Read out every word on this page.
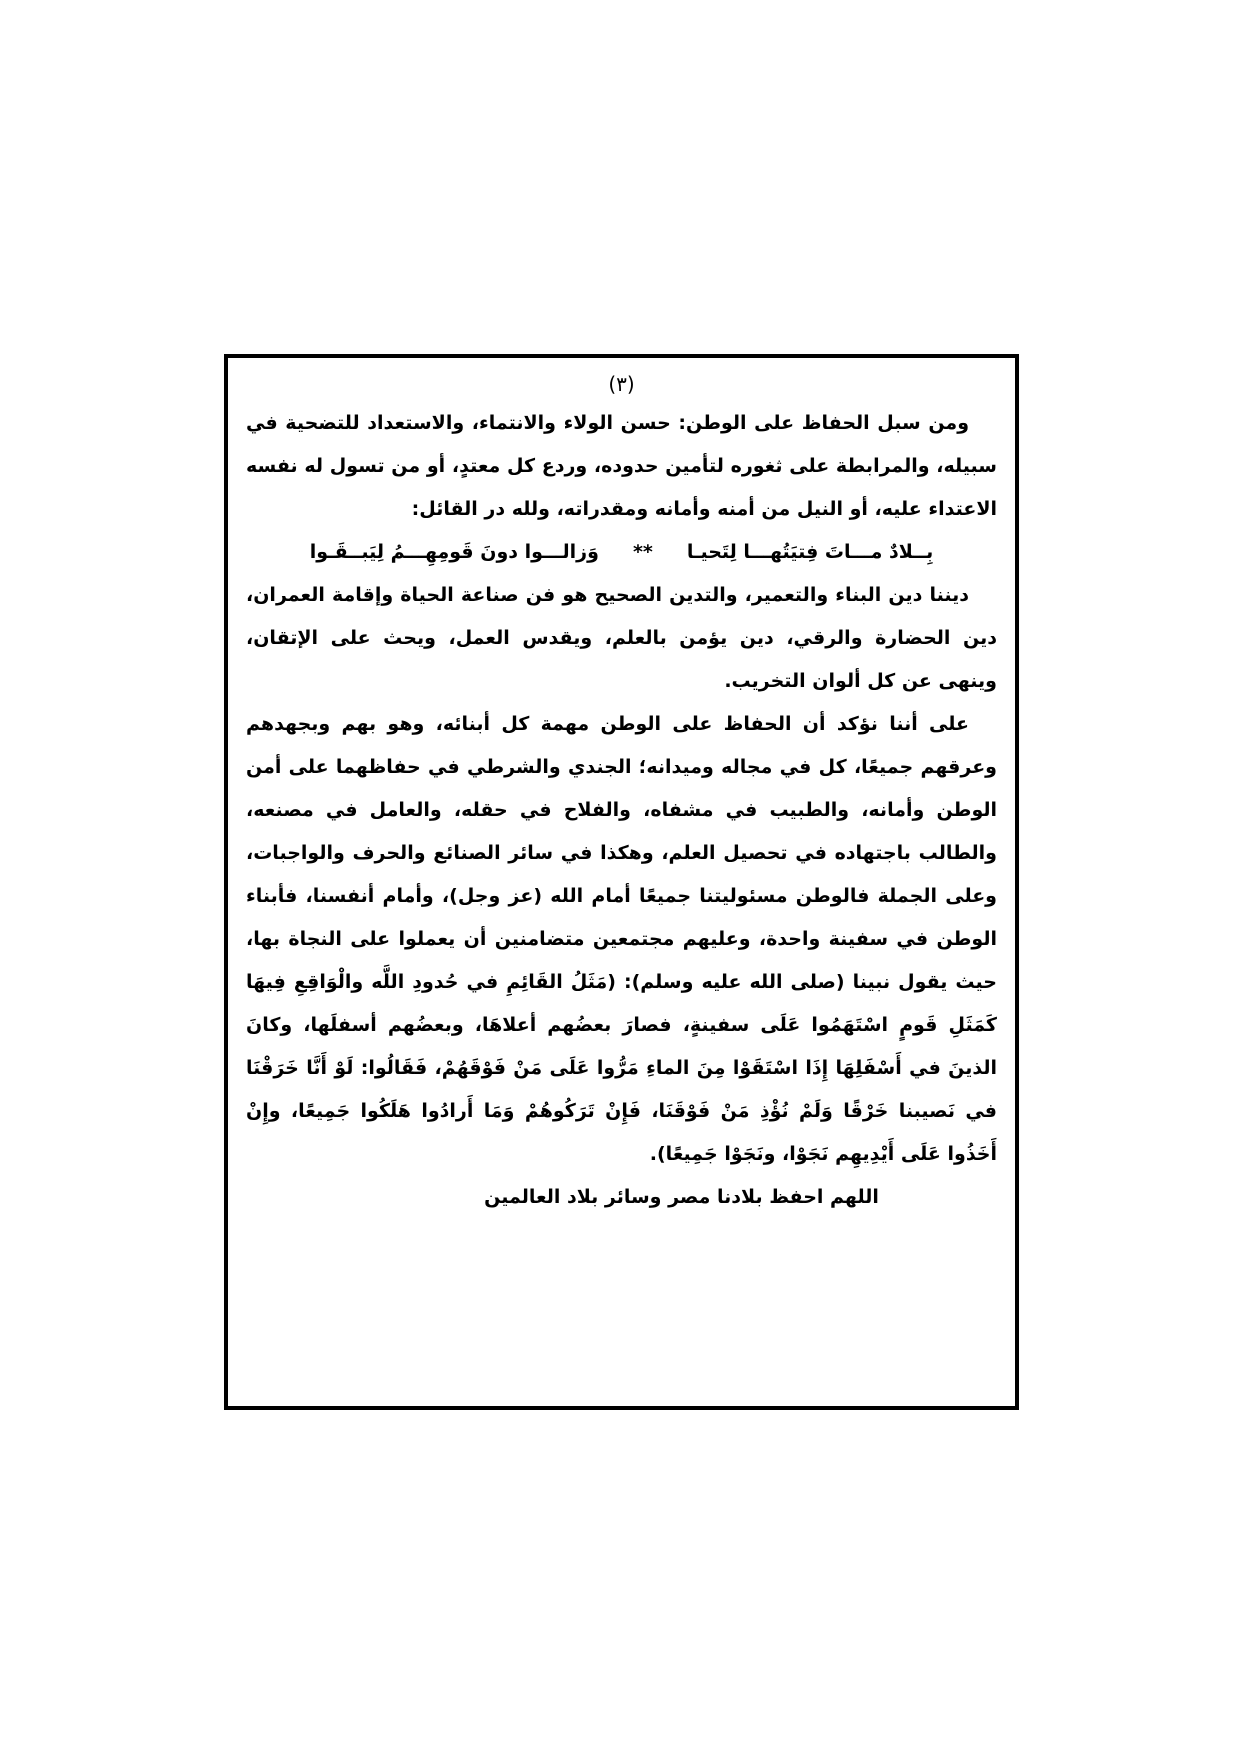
(٣)

ومن سبل الحفاظ على الوطن: حسن الولاء والانتماء، والاستعداد للتضحية في سبيله، والمرابطة على ثغوره لتأمين حدوده، وردع كل معتدٍ، أو من تسول له نفسه الاعتداء عليه، أو النيل من أمنه وأمانه ومقدراته، ولله در القائل:

بِــلادٌ مـــاتَ فِتيَتُهـــا لِتَحيـا
**
وَزالـــوا دونَ قَومِهِـــمُ لِيَبــقَـوا

ديننا دين البناء والتعمير، والتدين الصحيح هو فن صناعة الحياة وإقامة العمران، دين الحضارة والرقي، دين يؤمن بالعلم، ويقدس العمل، ويحث على الإتقان، وينهى عن كل ألوان التخريب.

على أننا نؤكد أن الحفاظ على الوطن مهمة كل أبنائه، وهو بهم وبجهدهم وعرقهم جميعًا، كل في مجاله وميدانه؛ الجندي والشرطي في حفاظهما على أمن الوطن وأمانه، والطبيب في مشفاه، والفلاح في حقله، والعامل في مصنعه، والطالب باجتهاده في تحصيل العلم، وهكذا في سائر الصنائع والحرف والواجبات، وعلى الجملة فالوطن مسئوليتنا جميعًا أمام الله (عز وجل)، وأمام أنفسنا، فأبناء الوطن في سفينة واحدة، وعليهم مجتمعين متضامنين أن يعملوا على النجاة بها، حيث يقول نبينا (صلى الله عليه وسلم): (مَثَلُ القَائِمِ في حُدودِ اللَّه والْوَاقِعِ فِيهَا كَمَثَلِ قَومٍ اسْتَهَمُوا عَلَى سفينةٍ، فصارَ بعضُهم أعلاهَا، وبعضُهم أسفلَها، وكانَ الذينَ في أَسْفَلِهَا إِذَا اسْتَقَوْا مِنَ الماءِ مَرُّوا عَلَى مَنْ فَوْقَهُمْ، فَقَالُوا: لَوْ أَنَّا خَرَقْنَا في نَصيبنا خَرْقًا وَلَمْ نُؤْذِ مَنْ فَوْقَنَا، فَإِنْ تَرَكُوهُمْ وَمَا أَرادُوا هَلَكُوا جَمِيعًا، وإِنْ أَخَذُوا عَلَى أَيْدِيهِم نَجَوْا، ونَجَوْا جَمِيعًا).

اللهم احفظ بلادنا مصر وسائر بلاد العالمين
